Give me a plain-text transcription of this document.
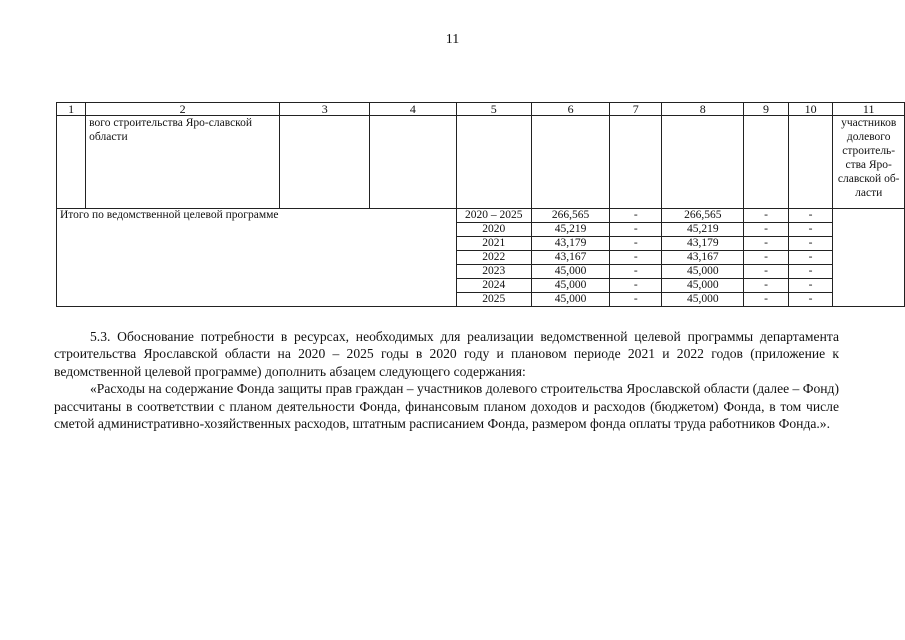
11
1	2	3	4	5	6	7	8	9	10	11
	вого строительства Яро-славской области									участников долевого строитель-ства Яро-славской об-ласти
Итого по ведомственной целевой программе				2020 – 2025	266,565	-	266,565	-	-	
				2020	45,219	-	45,219	-	-	
				2021	43,179	-	43,179	-	-	
				2022	43,167	-	43,167	-	-	
				2023	45,000	-	45,000	-	-	
				2024	45,000	-	45,000	-	-	
				2025	45,000	-	45,000	-	-	

5.3. Обоснование потребности в ресурсах, необходимых для реализации ведомственной целевой программы департамента строительства Ярославской области на 2020 – 2025 годы в 2020 году и плановом периоде 2021 и 2022 годов (приложение к ведомственной целевой программе) дополнить абзацем следующего содержания:

«Расходы на содержание Фонда защиты прав граждан – участников долевого строительства Ярославской области (далее – Фонд) рассчитаны в соответствии с планом деятельности Фонда, финансовым планом доходов и расходов (бюджетом) Фонда, в том числе сметой административно-хозяйственных расходов, штатным расписанием Фонда, размером фонда оплаты труда работников Фонда.».
